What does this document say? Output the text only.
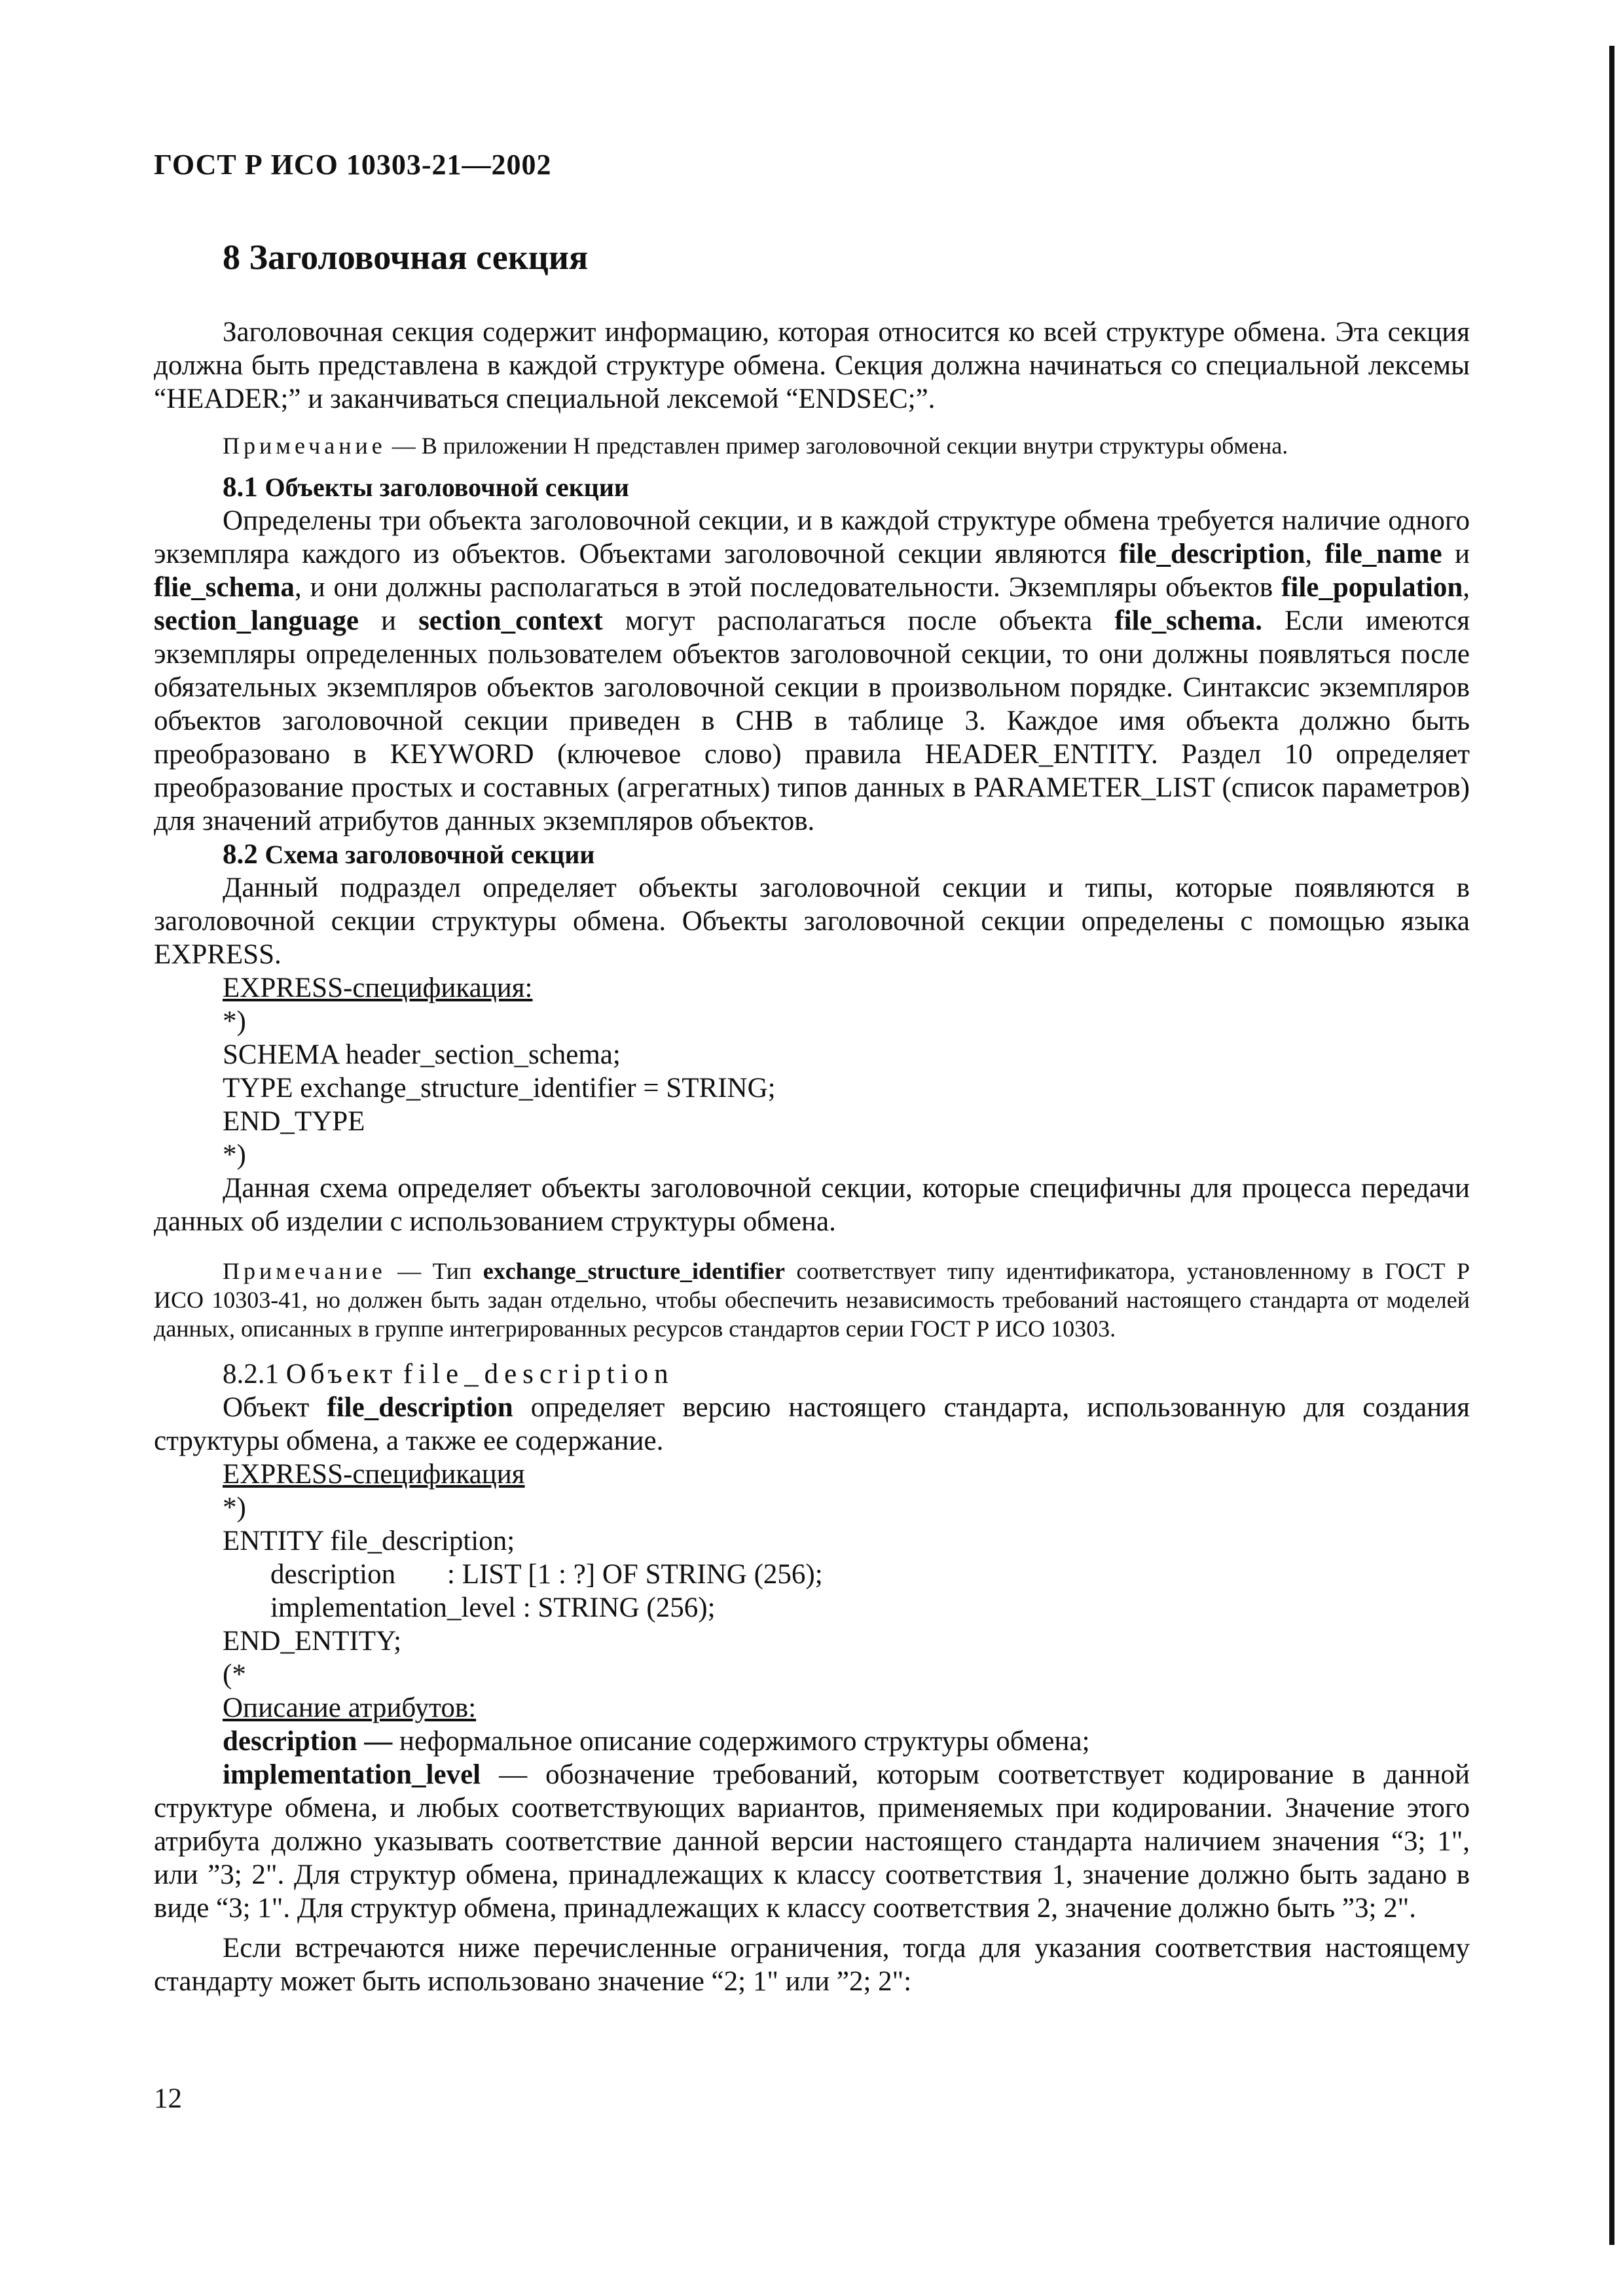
ГОСТ Р ИСО 10303-21—2002
8 Заголовочная секция
Заголовочная секция содержит информацию, которая относится ко всей структуре обмена. Эта секция должна быть представлена в каждой структуре обмена. Секция должна начинаться со специальной лексемы “HEADER;” и заканчиваться специальной лексемой “ENDSEC;”.
Примечание — В приложении Н представлен пример заголовочной секции внутри структуры обмена.
8.1 Объекты заголовочной секции
Определены три объекта заголовочной секции, и в каждой структуре обмена требуется наличие одного экземпляра каждого из объектов. Объектами заголовочной секции являются file_description, file_name и flie_schema, и они должны располагаться в этой последовательности. Экземпляры объектов file_population, section_language и section_context могут располагаться после объекта file_schema. Если имеются экземпляры определенных пользователем объектов заголовочной секции, то они должны появляться после обязательных экземпляров объектов заголовочной секции в произвольном порядке. Синтаксис экземпляров объектов заголовочной секции приведен в СНВ в таблице 3. Каждое имя объекта должно быть преобразовано в KEYWORD (ключевое слово) правила HEADER_ENTITY. Раздел 10 определяет преобразование простых и составных (агрегатных) типов данных в PARAMETER_LIST (список параметров) для значений атрибутов данных экземпляров объектов.
8.2 Схема заголовочной секции
Данный подраздел определяет объекты заголовочной секции и типы, которые появляются в заголовочной секции структуры обмена. Объекты заголовочной секции определены с помощью языка EXPRESS.
EXPRESS-спецификация:
*)
SCHEMA header_section_schema;
TYPE exchange_structure_identifier = STRING;
END_TYPE
*)
Данная схема определяет объекты заголовочной секции, которые специфичны для процесса передачи данных об изделии с использованием структуры обмена.
Примечание — Тип exchange_structure_identifier соответствует типу идентификатора, установленному в ГОСТ Р ИСО 10303-41, но должен быть задан отдельно, чтобы обеспечить независимость требований настоящего стандарта от моделей данных, описанных в группе интегрированных ресурсов стандартов серии ГОСТ Р ИСО 10303.
8.2.1 Объект file_description
Объект file_description определяет версию настоящего стандарта, использованную для создания структуры обмена, а также ее содержание.
EXPRESS-спецификация
*)
ENTITY file_description;
description : LIST [1 : ?] OF STRING (256);
implementation_level : STRING (256);
END_ENTITY;
(*
Описание атрибутов:
description — неформальное описание содержимого структуры обмена;
implementation_level — обозначение требований, которым соответствует кодирование в данной структуре обмена, и любых соответствующих вариантов, применяемых при кодировании. Значение этого атрибута должно указывать соответствие данной версии настоящего стандарта наличием значения “3; 1", или ”3; 2". Для структур обмена, принадлежащих к классу соответствия 1, значение должно быть задано в виде “3; 1". Для структур обмена, принадлежащих к классу соответствия 2, значение должно быть ”3; 2".
Если встречаются ниже перечисленные ограничения, тогда для указания соответствия настоящему стандарту может быть использовано значение “2; 1" или ”2; 2":
12
